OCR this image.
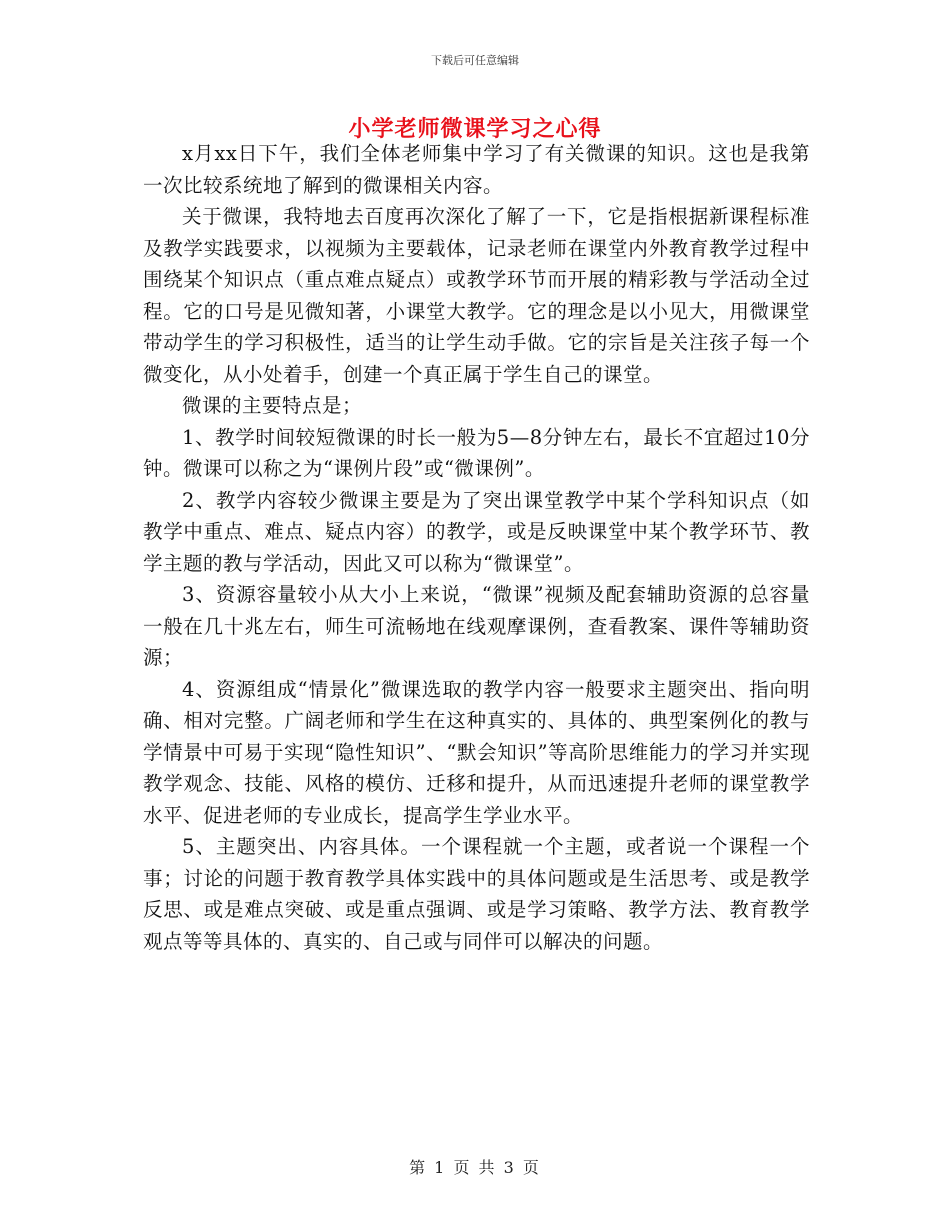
下载后可任意编辑
小学老师微课学习之心得

x月xx日下午，我们全体老师集中学习了有关微课的知识。这也是我第一次比较系统地了解到的微课相关内容。

关于微课，我特地去百度再次深化了解了一下，它是指根据新课程标准及教学实践要求，以视频为主要载体，记录老师在课堂内外教育教学过程中围绕某个知识点（重点难点疑点）或教学环节而开展的精彩教与学活动全过程。它的口号是见微知著，小课堂大教学。它的理念是以小见大，用微课堂带动学生的学习积极性，适当的让学生动手做。它的宗旨是关注孩子每一个微变化，从小处着手，创建一个真正属于学生自己的课堂。

微课的主要特点是；

1、教学时间较短微课的时长一般为5—8分钟左右，最长不宜超过10分钟。微课可以称之为“课例片段”或“微课例”。

2、教学内容较少微课主要是为了突出课堂教学中某个学科知识点（如教学中重点、难点、疑点内容）的教学，或是反映课堂中某个教学环节、教学主题的教与学活动，因此又可以称为“微课堂”。

3、资源容量较小从大小上来说，“微课”视频及配套辅助资源的总容量一般在几十兆左右，师生可流畅地在线观摩课例，查看教案、课件等辅助资源；

4、资源组成“情景化”微课选取的教学内容一般要求主题突出、指向明确、相对完整。广阔老师和学生在这种真实的、具体的、典型案例化的教与学情景中可易于实现“隐性知识”、“默会知识”等高阶思维能力的学习并实现教学观念、技能、风格的模仿、迁移和提升，从而迅速提升老师的课堂教学水平、促进老师的专业成长，提高学生学业水平。

5、主题突出、内容具体。一个课程就一个主题，或者说一个课程一个事；讨论的问题于教育教学具体实践中的具体问题或是生活思考、或是教学反思、或是难点突破、或是重点强调、或是学习策略、教学方法、教育教学观点等等具体的、真实的、自己或与同伴可以解决的问题。

第 1 页 共 3 页
